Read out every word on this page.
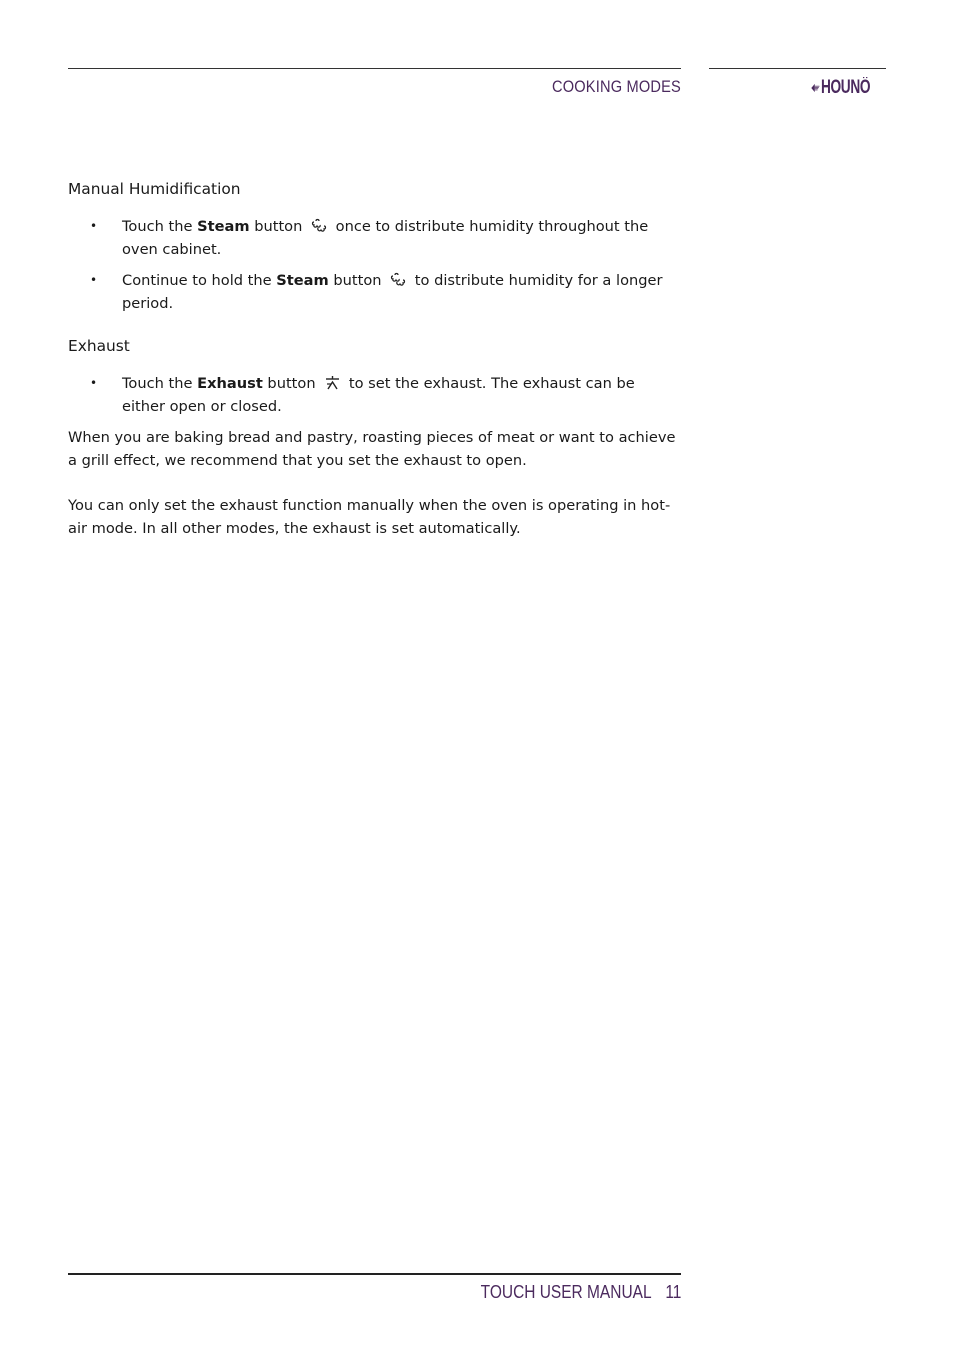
COOKING MODES	HOUNÖ
Manual Humidification
• Touch the Steam button  once to distribute humidity throughout the oven cabinet.
• Continue to hold the Steam button  to distribute humidity for a longer period.
Exhaust
• Touch the Exhaust button  to set the exhaust. The exhaust can be either open or closed.

When you are baking bread and pastry, roasting pieces of meat or want to achieve a grill effect, we recommend that you set the exhaust to open.

You can only set the exhaust function manually when the oven is operating in hot-air mode. In all other modes, the exhaust is set automatically.

TOUCH USER MANUAL 11
